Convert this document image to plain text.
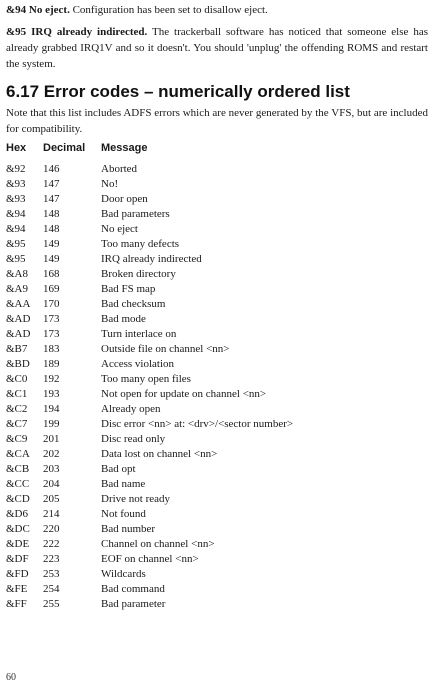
&94 No eject. Configuration has been set to disallow eject.
&95 IRQ already indirected. The trackerball software has noticed that someone else has already grabbed IRQ1V and so it doesn't. You should 'unplug' the offending ROMS and restart the system.
6.17 Error codes – numerically ordered list
Note that this list includes ADFS errors which are never generated by the VFS, but are included for compatibility.
Hex	Decimal	Message
&92	146	Aborted
&93	147	No!
&93	147	Door open
&94	148	Bad parameters
&94	148	No eject
&95	149	Too many defects
&95	149	IRQ already indirected
&A8	168	Broken directory
&A9	169	Bad FS map
&AA	170	Bad checksum
&AD	173	Bad mode
&AD	173	Turn interlace on
&B7	183	Outside file on channel <nn>
&BD	189	Access violation
&C0	192	Too many open files
&C1	193	Not open for update on channel <nn>
&C2	194	Already open
&C7	199	Disc error <nn> at: <drv>/<sector number>
&C9	201	Disc read only
&CA	202	Data lost on channel <nn>
&CB	203	Bad opt
&CC	204	Bad name
&CD	205	Drive not ready
&D6	214	Not found
&DC	220	Bad number
&DE	222	Channel on channel <nn>
&DF	223	EOF on channel <nn>
&FD	253	Wildcards
&FE	254	Bad command
&FF	255	Bad parameter
60
